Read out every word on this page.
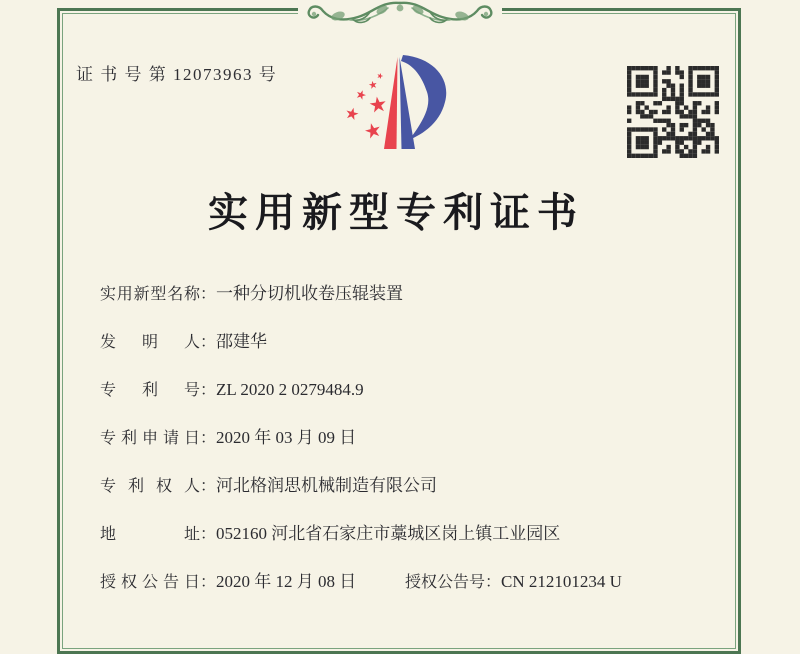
证 书 号 第 12073963 号
实用新型专利证书
实用新型名称：一种分切机收卷压辊装置
发明人：邵建华
专利号：ZL 2020 2 0279484.9
专利申请日：2020 年 03 月 09 日
专利权人：河北格润思机械制造有限公司
地址：052160 河北省石家庄市藁城区岗上镇工业园区
授权公告日：2020 年 12 月 08 日	授权公告号：CN 212101234 U
